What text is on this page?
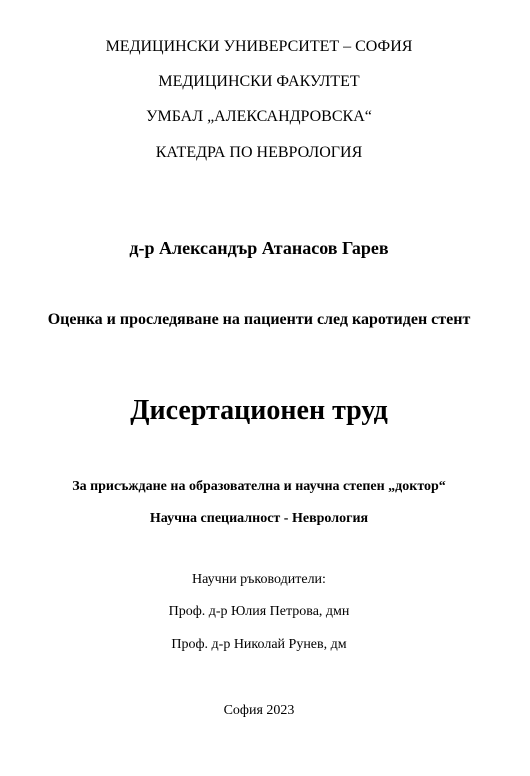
МЕДИЦИНСКИ УНИВЕРСИТЕТ – СОФИЯ
МЕДИЦИНСКИ ФАКУЛТЕТ
УМБАЛ „АЛЕКСАНДРОВСКА“
КАТЕДРА ПО НЕВРОЛОГИЯ
д-р Александър Атанасов Гарев
Оценка и проследяване на пациенти след каротиден стент
Дисертационен труд
За присъждане на образователна и научна степен „доктор“
Научна специалност - Неврология
Научни ръководители:
Проф. д-р Юлия Петрова, дмн
Проф. д-р Николай Рунев, дм
София 2023
